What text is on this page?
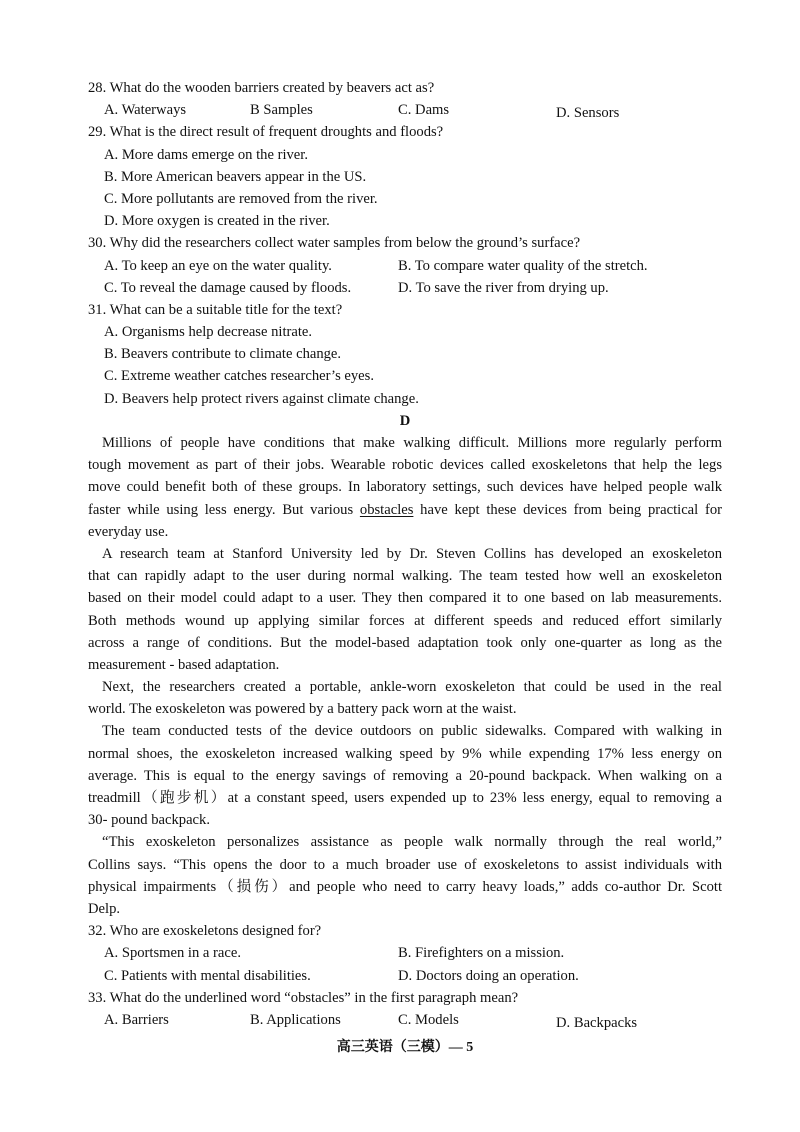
28. What do the wooden barriers created by beavers act as?
A. Waterways	B Samples	C. Dams	D. Sensors
29. What is the direct result of frequent droughts and floods?
A. More dams emerge on the river.
B. More American beavers appear in the US.
C. More pollutants are removed from the river.
D. More oxygen is created in the river.
30. Why did the researchers collect water samples from below the ground’s surface?
A. To keep an eye on the water quality.	B. To compare water quality of the stretch.
C. To reveal the damage caused by floods.	D. To save the river from drying up.
31. What can be a suitable title for the text?
A. Organisms help decrease nitrate.
B. Beavers contribute to climate change.
C. Extreme weather catches researcher’s eyes.
D. Beavers help protect rivers against climate change.
D
Millions of people have conditions that make walking difficult. Millions more regularly perform
tough movement as part of their jobs. Wearable robotic devices called exoskeletons that help the legs
move could benefit both of these groups. In laboratory settings, such devices have helped people walk
faster while using less energy. But various obstacles have kept these devices from being practical for
everyday use.
A research team at Stanford University led by Dr. Steven Collins has developed an exoskeleton
that can rapidly adapt to the user during normal walking. The team tested how well an exoskeleton
based on their model could adapt to a user. They then compared it to one based on lab measurements.
Both methods wound up applying similar forces at different speeds and reduced effort similarly
across a range of conditions. But the model-based adaptation took only one-quarter as long as the
measurement - based adaptation.
Next, the researchers created a portable, ankle-worn exoskeleton that could be used in the real
world. The exoskeleton was powered by a battery pack worn at the waist.
The team conducted tests of the device outdoors on public sidewalks. Compared with walking in
normal shoes, the exoskeleton increased walking speed by 9% while expending 17% less energy on
average. This is equal to the energy savings of removing a 20-pound backpack. When walking on a
treadmill（跑步机）at a constant speed, users expended up to 23% less energy, equal to removing a
30- pound backpack.
“This exoskeleton personalizes assistance as people walk normally through the real world,”
Collins says. “This opens the door to a much broader use of exoskeletons to assist individuals with
physical impairments（损伤）and people who need to carry heavy loads,” adds co-author Dr. Scott
Delp.
32. Who are exoskeletons designed for?
A. Sportsmen in a race.	B. Firefighters on a mission.
C. Patients with mental disabilities.	D. Doctors doing an operation.
33. What do the underlined word “obstacles” in the first paragraph mean?
A. Barriers	B. Applications	C. Models	D. Backpacks
高三英语（三模）— 5
